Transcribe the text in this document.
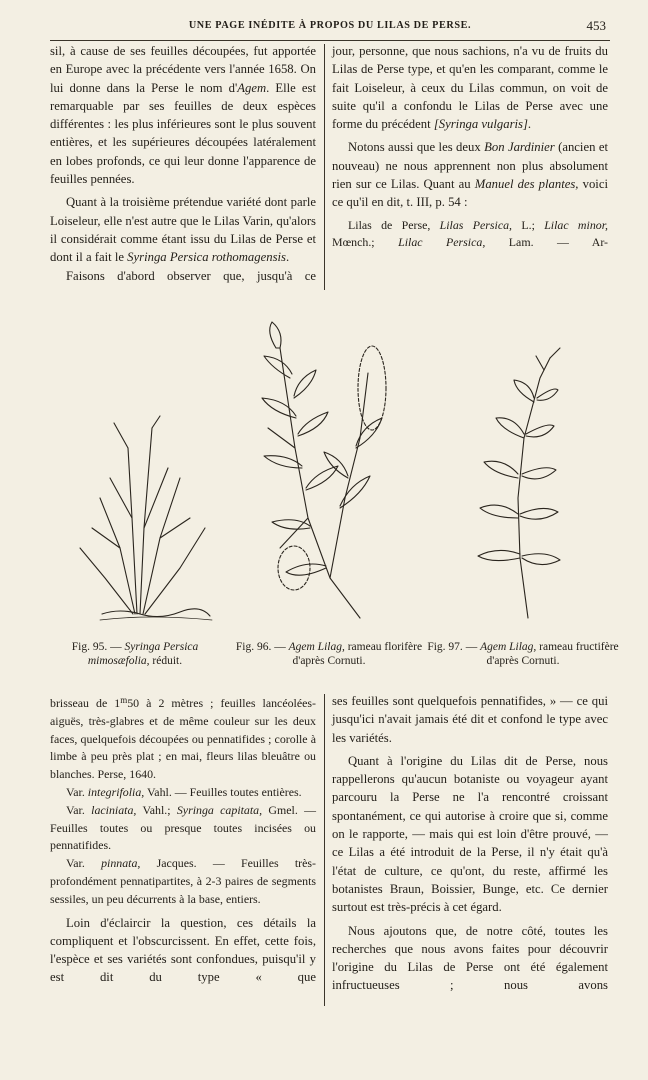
UNE PAGE INÉDITE À PROPOS DU LILAS DE PERSE.	453

sil, à cause de ses feuilles découpées, fut apportée en Europe avec la précédente vers l'année 1658. On lui donne dans la Perse le nom d'Agem. Elle est remarquable par ses feuilles de deux espèces différentes : les plus inférieures sont le plus souvent entières, et les supérieures découpées latéralement en lobes profonds, ce qui leur donne l'apparence de feuilles pennées.

Quant à la troisième prétendue variété dont parle Loiseleur, elle n'est autre que le Lilas Varin, qu'alors il considérait comme étant issu du Lilas de Perse et dont il a fait le Syringa Persica rothomagensis.

Faisons d'abord observer que, jusqu'à ce

jour, personne, que nous sachions, n'a vu de fruits du Lilas de Perse type, et qu'en les comparant, comme le fait Loiseleur, à ceux du Lilas commun, on voit de suite qu'il a confondu le Lilas de Perse avec une forme du précédent [Syringa vulgaris].

Notons aussi que les deux Bon Jardinier (ancien et nouveau) ne nous apprennent non plus absolument rien sur ce Lilas. Quant au Manuel des plantes, voici ce qu'il en dit, t. III, p. 54 :

Lilas de Perse, Lilas Persica, L.; Lilac minor, Mœnch.; Lilac Persica, Lam. — Ar-

Fig. 95. — Syringa Persica mimosæfolia, réduit.
Fig. 96. — Agem Lilag, rameau florifère d'après Cornuti.
Fig. 97. — Agem Lilag, rameau fructifère d'après Cornuti.

brisseau de 1$^m$50 à 2 mètres ; feuilles lancéolées-aiguës, très-glabres et de même couleur sur les deux faces, quelquefois découpées ou pennatifides ; corolle à limbe à peu près plat ; en mai, fleurs lilas bleuâtre ou blanches. Perse, 1640.

Var. integrifolia, Vahl. — Feuilles toutes entières.

Var. laciniata, Vahl.; Syringa capitata, Gmel. — Feuilles toutes ou presque toutes incisées ou pennatifides.

Var. pinnata, Jacques. — Feuilles très-profondément pennatipartites, à 2-3 paires de segments sessiles, un peu décurrents à la base, entiers.

Loin d'éclaircir la question, ces détails la compliquent et l'obscurcissent. En effet, cette fois, l'espèce et ses variétés sont confondues, puisqu'il y est dit du type « que

ses feuilles sont quelquefois pennatifides, » — ce qui jusqu'ici n'avait jamais été dit et confond le type avec les variétés.

Quant à l'origine du Lilas dit de Perse, nous rappellerons qu'aucun botaniste ou voyageur ayant parcouru la Perse ne l'a rencontré croissant spontanément, ce qui autorise à croire que si, comme on le rapporte, — mais qui est loin d'être prouvé, — ce Lilas a été introduit de la Perse, il n'y était qu'à l'état de culture, ce qu'ont, du reste, affirmé les botanistes Braun, Boissier, Bunge, etc. Ce dernier surtout est très-précis à cet égard.

Nous ajoutons que, de notre côté, toutes les recherches que nous avons faites pour découvrir l'origine du Lilas de Perse ont été également infructueuses ; nous avons
